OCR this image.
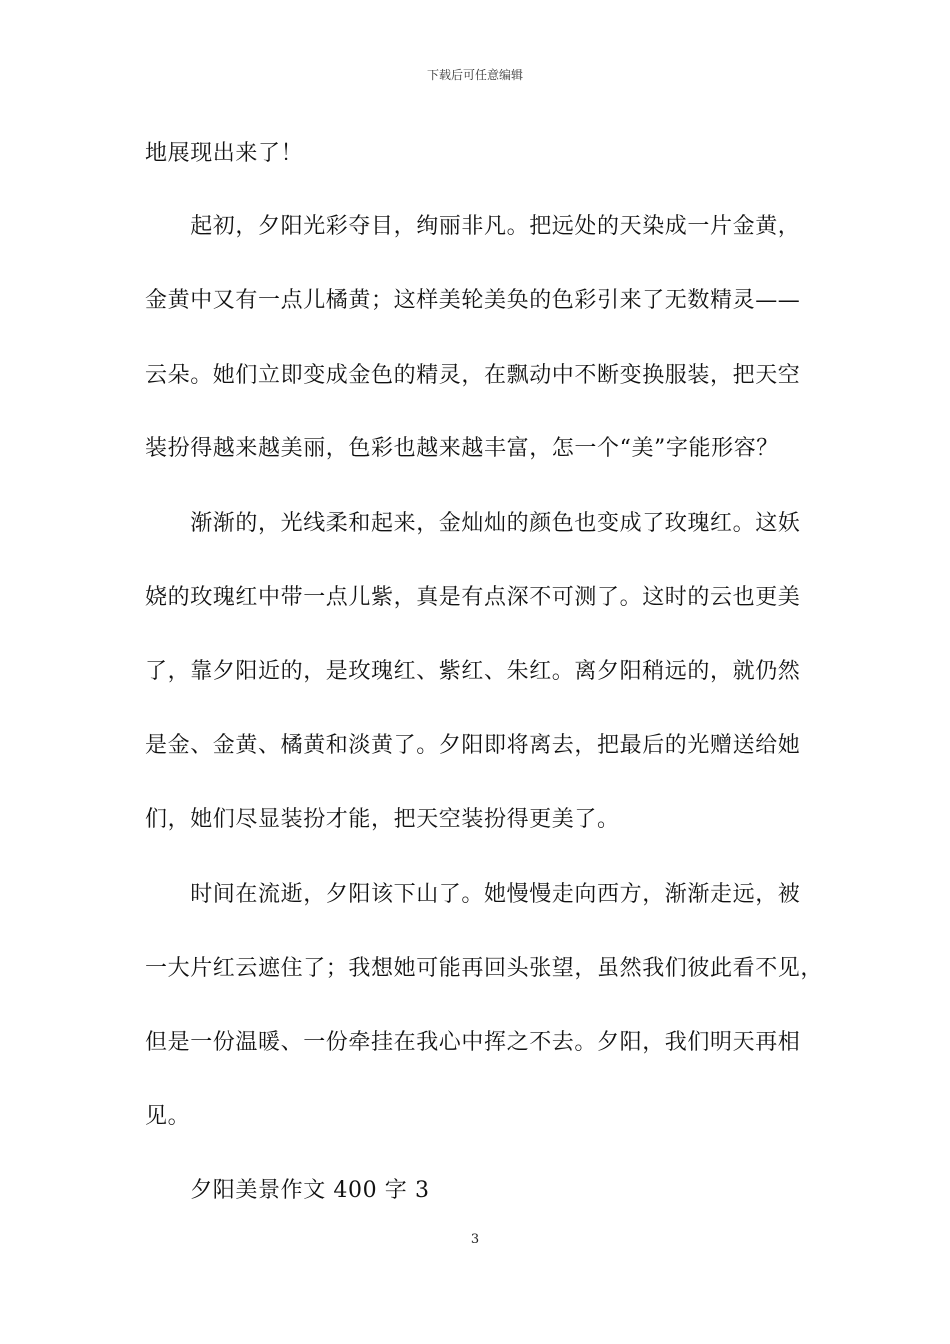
下载后可任意编辑
地展现出来了！
　　起初，夕阳光彩夺目，绚丽非凡。把远处的天染成一片金黄，
金黄中又有一点儿橘黄；这样美轮美奂的色彩引来了无数精灵——
云朵。她们立即变成金色的精灵，在飘动中不断变换服装，把天空
装扮得越来越美丽，色彩也越来越丰富，怎一个“美”字能形容？
　　渐渐的，光线柔和起来，金灿灿的颜色也变成了玫瑰红。这妖
娆的玫瑰红中带一点儿紫，真是有点深不可测了。这时的云也更美
了，靠夕阳近的，是玫瑰红、紫红、朱红。离夕阳稍远的，就仍然
是金、金黄、橘黄和淡黄了。夕阳即将离去，把最后的光赠送给她
们，她们尽显装扮才能，把天空装扮得更美了。
　　时间在流逝，夕阳该下山了。她慢慢走向西方，渐渐走远，被
一大片红云遮住了；我想她可能再回头张望，虽然我们彼此看不见，
但是一份温暖、一份牵挂在我心中挥之不去。夕阳，我们明天再相
见。
　　夕阳美景作文 400 字 3
3
